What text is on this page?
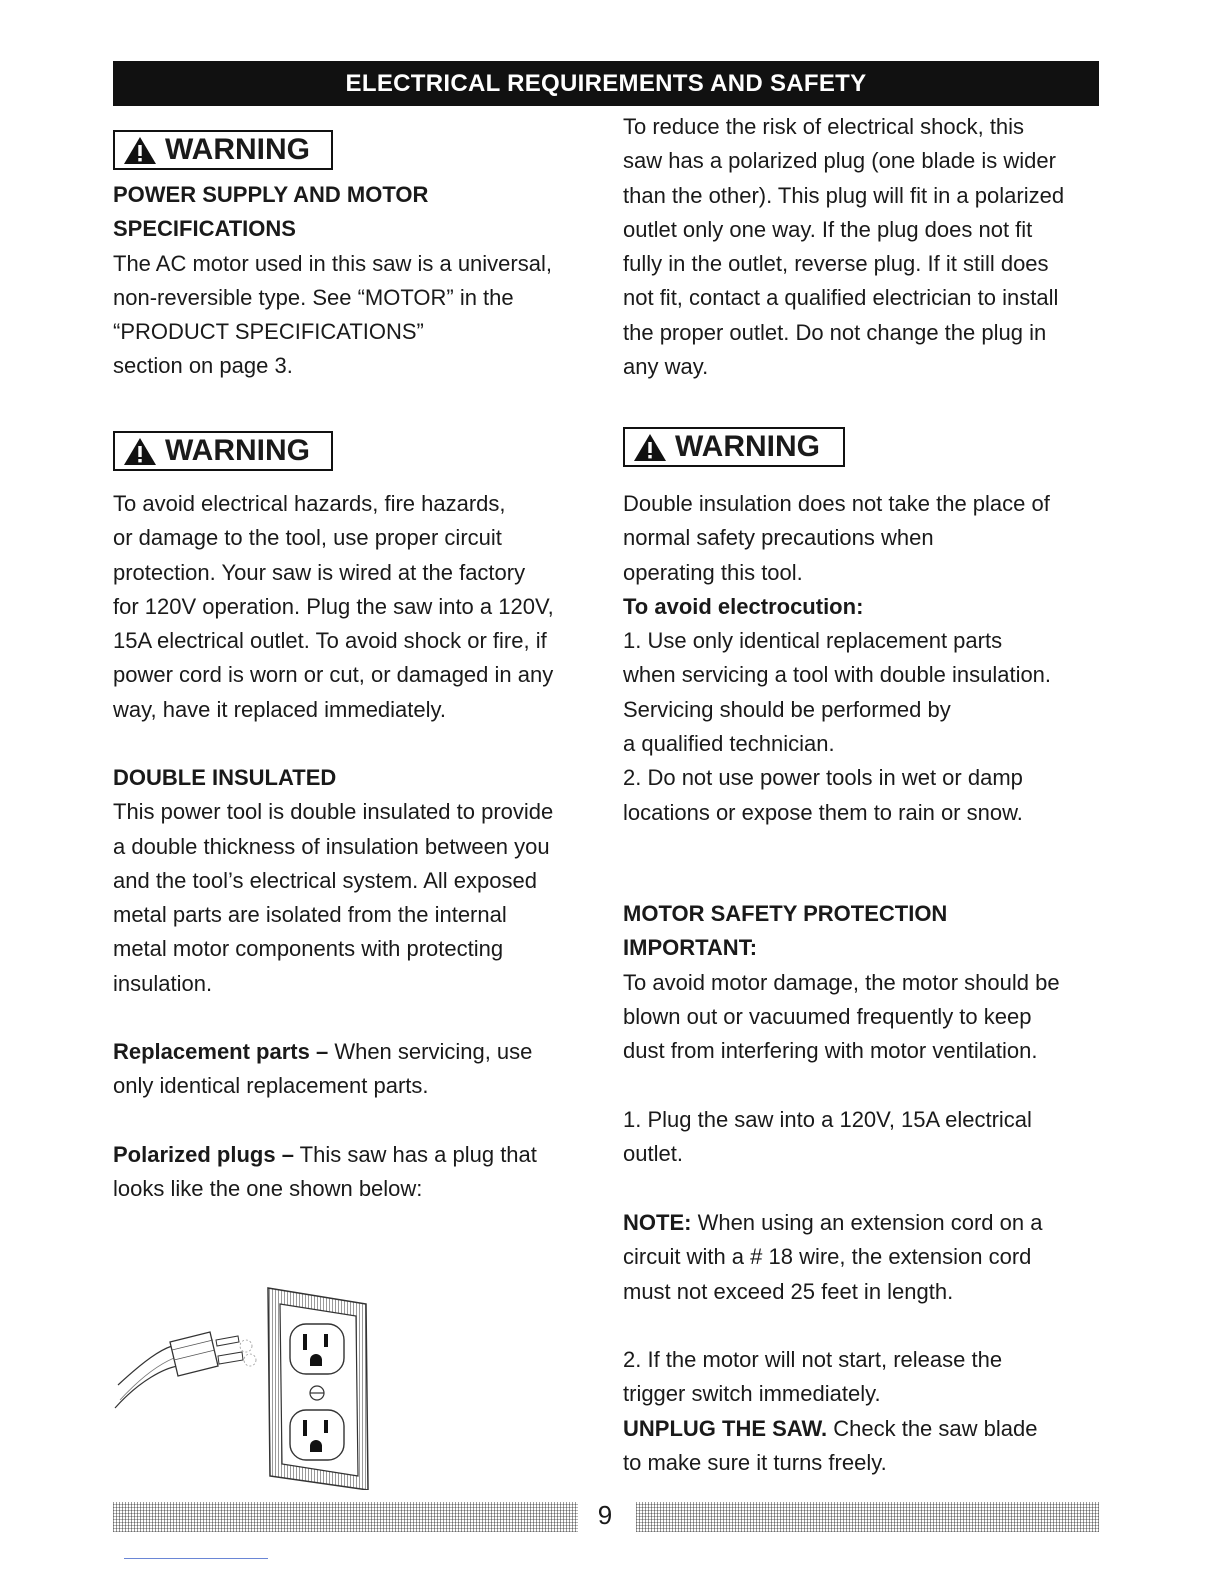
ELECTRICAL REQUIREMENTS AND SAFETY
WARNING

POWER SUPPLY AND MOTOR

SPECIFICATIONS

The AC motor used in this saw is a universal,

non-reversible type. See “MOTOR” in the

“PRODUCT SPECIFICATIONS”

section on page 3.

WARNING

To avoid electrical hazards, fire hazards,

or damage to the tool, use proper circuit

protection. Your saw is wired at the factory

for 120V operation. Plug the saw into a 120V,

15A electrical outlet. To avoid shock or fire, if

power cord is worn or cut, or damaged in any

way, have it replaced immediately.

DOUBLE INSULATED

This power tool is double insulated to provide

a double thickness of insulation between you

and the tool’s electrical system. All exposed

metal parts are isolated from the internal

metal motor components with protecting

insulation.

Replacement parts – When servicing, use

only identical replacement parts.

Polarized plugs – This saw has a plug that

looks like the one shown below:

To reduce the risk of electrical shock, this

saw has a polarized plug (one blade is wider

than the other). This plug will fit in a polarized

outlet only one way. If the plug does not fit

fully in the outlet, reverse plug. If it still does

not fit, contact a qualified electrician to install

the proper outlet. Do not change the plug in

any way.

WARNING

Double insulation does not take the place of

normal safety precautions when

operating this tool.

To avoid electrocution:

1. Use only identical replacement parts

when servicing a tool with double insulation.

Servicing should be performed by

a qualified technician.

2. Do not use power tools in wet or damp

locations or expose them to rain or snow.

MOTOR SAFETY PROTECTION

IMPORTANT:

To avoid motor damage, the motor should be

blown out or vacuumed frequently to keep

dust from interfering with motor ventilation.

1. Plug the saw into a 120V, 15A electrical

outlet.

NOTE: When using an extension cord on a

circuit with a # 18 wire, the extension cord

must not exceed 25 feet in length.

2. If the motor will not start, release the

trigger switch immediately.

UNPLUG THE SAW. Check the saw blade

to make sure it turns freely.

9
